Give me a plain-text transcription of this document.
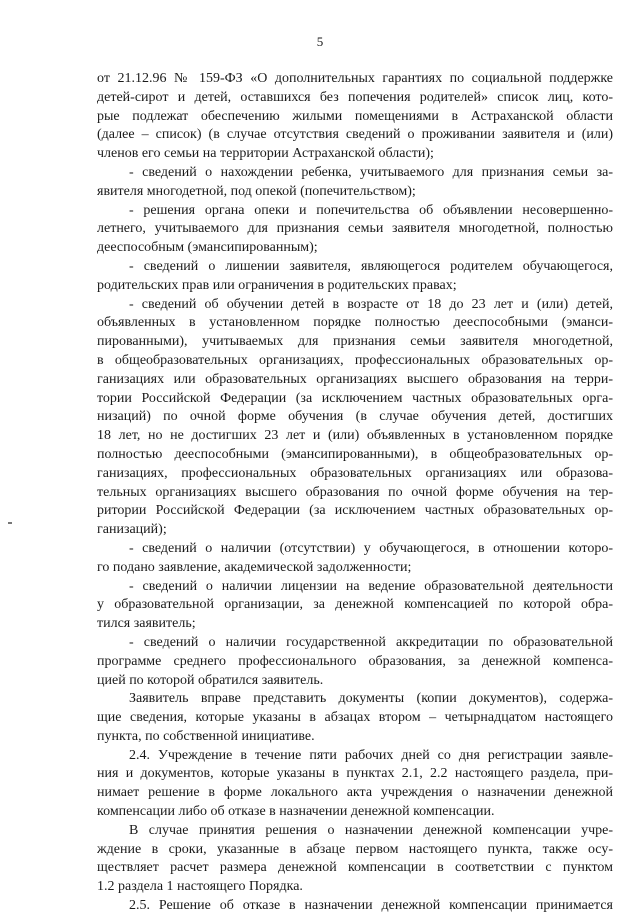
5
от 21.12.96 № 159-ФЗ «О дополнительных гарантиях по социальной поддержке
детей-сирот и детей, оставшихся без попечения родителей» список лиц, кото-
рые подлежат обеспечению жилыми помещениями в Астраханской области
(далее – список) (в случае отсутствия сведений о проживании заявителя и (или)
членов его семьи на территории Астраханской области);
- сведений о нахождении ребенка, учитываемого для признания семьи за-
явителя многодетной, под опекой (попечительством);
- решения органа опеки и попечительства об объявлении несовершенно-
летнего, учитываемого для признания семьи заявителя многодетной, полностью
дееспособным (эмансипированным);
- сведений о лишении заявителя, являющегося родителем обучающегося,
родительских прав или ограничения в родительских правах;
- сведений об обучении детей в возрасте от 18 до 23 лет и (или) детей,
объявленных в установленном порядке полностью дееспособными (эманси-
пированными), учитываемых для признания семьи заявителя многодетной,
в общеобразовательных организациях, профессиональных образовательных ор-
ганизациях или образовательных организациях высшего образования на терри-
тории Российской Федерации (за исключением частных образовательных орга-
низаций) по очной форме обучения (в случае обучения детей, достигших
18 лет, но не достигших 23 лет и (или) объявленных в установленном порядке
полностью дееспособными (эмансипированными), в общеобразовательных ор-
ганизациях, профессиональных образовательных организациях или образова-
тельных организациях высшего образования по очной форме обучения на тер-
ритории Российской Федерации (за исключением частных образовательных ор-
ганизаций);
- сведений о наличии (отсутствии) у обучающегося, в отношении которо-
го подано заявление, академической задолженности;
- сведений о наличии лицензии на ведение образовательной деятельности
у образовательной организации, за денежной компенсацией по которой обра-
тился заявитель;
- сведений о наличии государственной аккредитации по образовательной
программе среднего профессионального образования, за денежной компенса-
цией по которой обратился заявитель.
Заявитель вправе представить документы (копии документов), содержа-
щие сведения, которые указаны в абзацах втором – четырнадцатом настоящего
пункта, по собственной инициативе.
2.4. Учреждение в течение пяти рабочих дней со дня регистрации заявле-
ния и документов, которые указаны в пунктах 2.1, 2.2 настоящего раздела, при-
нимает решение в форме локального акта учреждения о назначении денежной
компенсации либо об отказе в назначении денежной компенсации.
В случае принятия решения о назначении денежной компенсации учре-
ждение в сроки, указанные в абзаце первом настоящего пункта, также осу-
ществляет расчет размера денежной компенсации в соответствии с пунктом
1.2 раздела 1 настоящего Порядка.
2.5. Решение об отказе в назначении денежной компенсации принимается
